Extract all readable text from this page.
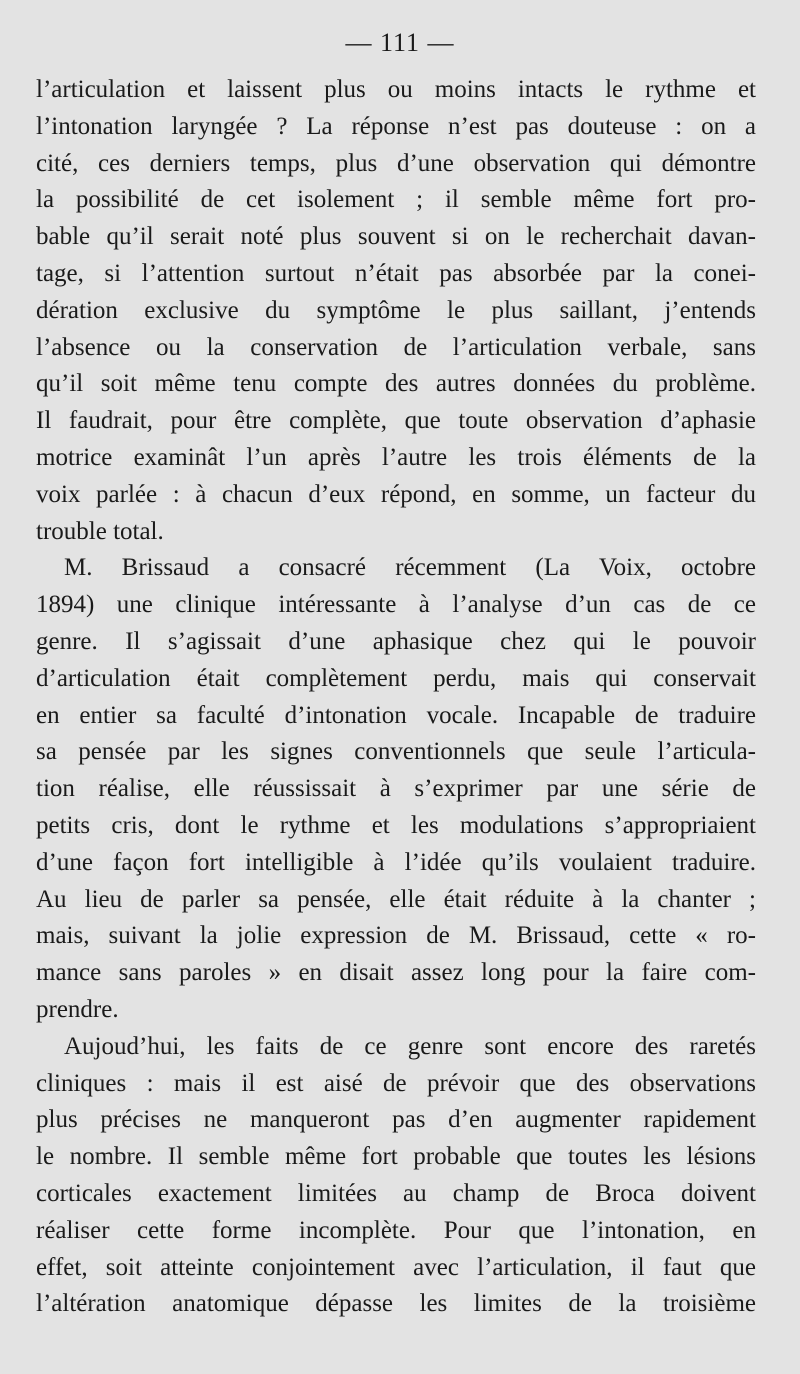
— 111 —
l’articulation et laissent plus ou moins intacts le rythme et
l’intonation laryngée ? La réponse n’est pas douteuse : on a
cité, ces derniers temps, plus d’une observation qui démontre
la possibilité de cet isolement ; il semble même fort pro-
bable qu’il serait noté plus souvent si on le recherchait davan-
tage, si l’attention surtout n’était pas absorbée par la conei-
dération exclusive du symptôme le plus saillant, j’entends
l’absence ou la conservation de l’articulation verbale, sans
qu’il soit même tenu compte des autres données du problème.
Il faudrait, pour être complète, que toute observation d’aphasie
motrice examinât l’un après l’autre les trois éléments de la
voix parlée : à chacun d’eux répond, en somme, un facteur du
trouble total.
M. Brissaud a consacré récemment (La Voix, octobre
1894) une clinique intéressante à l’analyse d’un cas de ce
genre. Il s’agissait d’une aphasique chez qui le pouvoir
d’articulation était complètement perdu, mais qui conservait
en entier sa faculté d’intonation vocale. Incapable de traduire
sa pensée par les signes conventionnels que seule l’articula-
tion réalise, elle réussissait à s’exprimer par une série de
petits cris, dont le rythme et les modulations s’appropriaient
d’une façon fort intelligible à l’idée qu’ils voulaient traduire.
Au lieu de parler sa pensée, elle était réduite à la chanter ;
mais, suivant la jolie expression de M. Brissaud, cette « ro-
mance sans paroles » en disait assez long pour la faire com-
prendre.
Aujoud’hui, les faits de ce genre sont encore des raretés
cliniques : mais il est aisé de prévoir que des observations
plus précises ne manqueront pas d’en augmenter rapidement
le nombre. Il semble même fort probable que toutes les lésions
corticales exactement limitées au champ de Broca doivent
réaliser cette forme incomplète. Pour que l’intonation, en
effet, soit atteinte conjointement avec l’articulation, il faut que
l’altération anatomique dépasse les limites de la troisième
